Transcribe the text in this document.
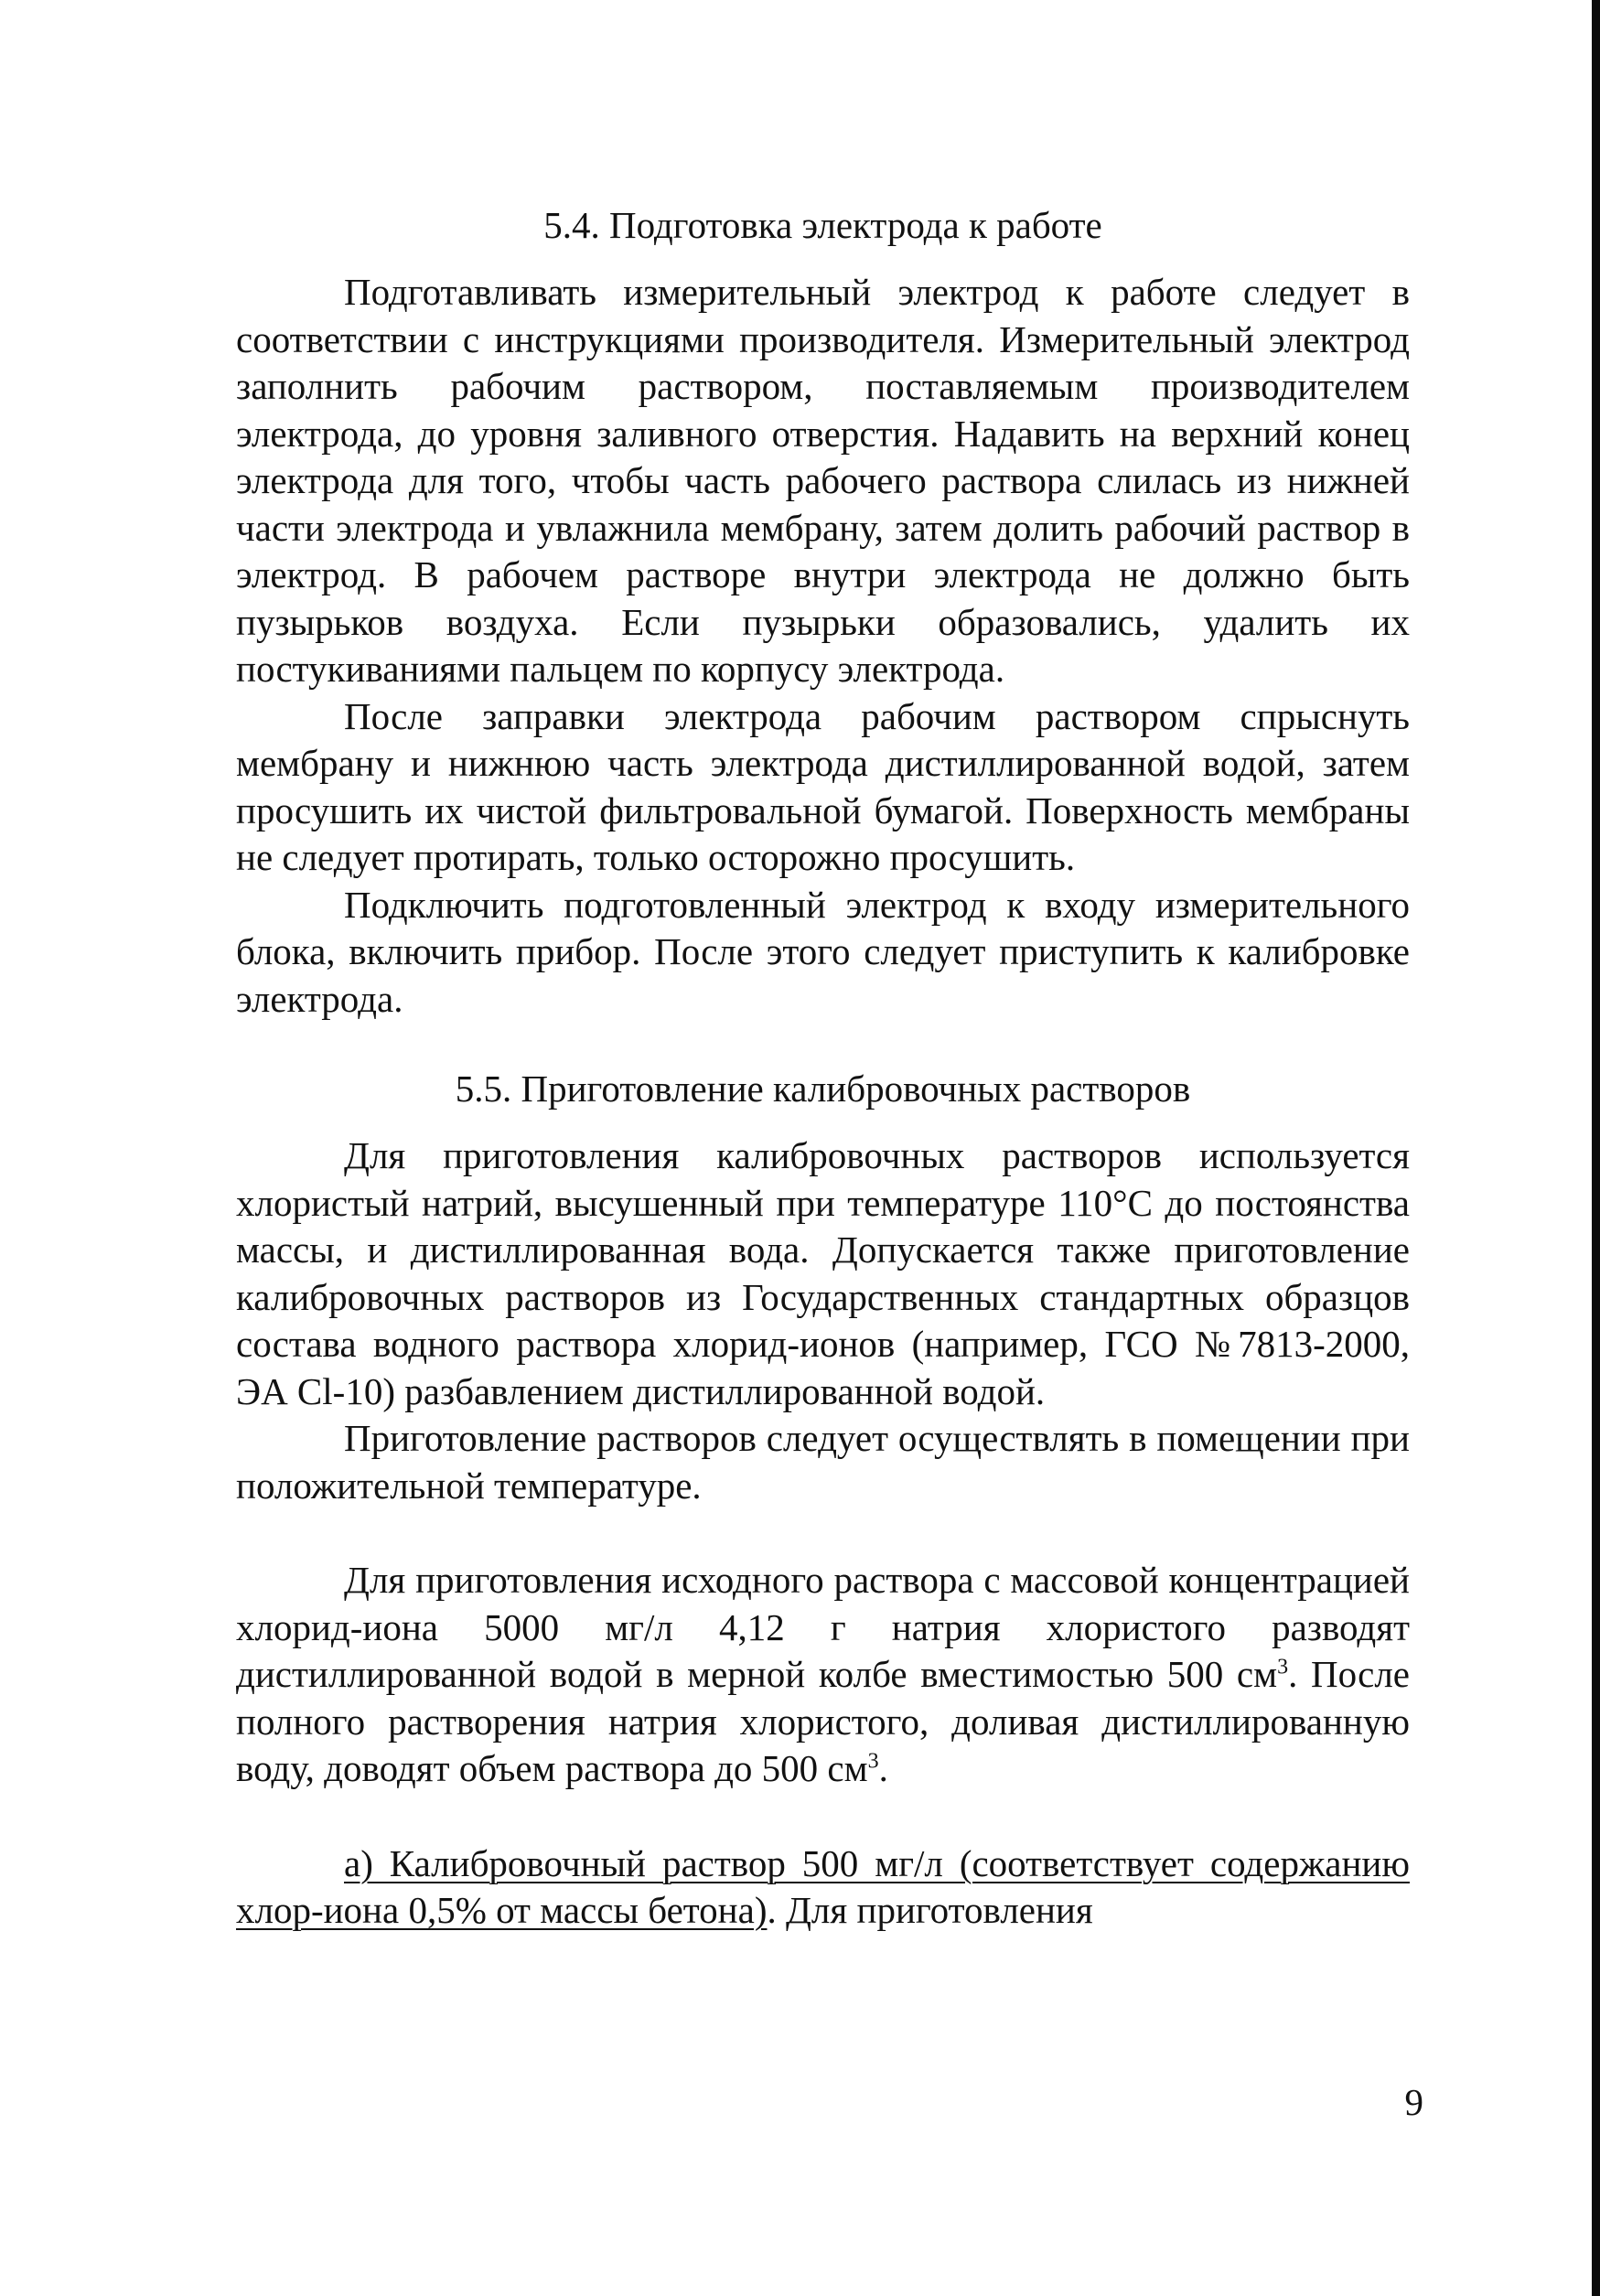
5.4. Подготовка электрода к работе

Подготавливать измерительный электрод к работе следует в соответствии с инструкциями производителя. Измерительный электрод заполнить рабочим раствором, поставляемым производителем электрода, до уровня заливного отверстия. Надавить на верхний конец электрода для того, чтобы часть рабочего раствора слилась из нижней части электрода и увлажнила мембрану, затем долить рабочий раствор в электрод. В рабочем растворе внутри электрода не должно быть пузырьков воздуха. Если пузырьки образовались, удалить их постукиваниями пальцем по корпусу электрода.

После заправки электрода рабочим раствором спрыснуть мембрану и нижнюю часть электрода дистиллированной водой, затем просушить их чистой фильтровальной бумагой. Поверхность мембраны не следует протирать, только осторожно просушить.

Подключить подготовленный электрод к входу измерительного блока, включить прибор. После этого следует приступить к калибровке электрода.

5.5. Приготовление калибровочных растворов

Для приготовления калибровочных растворов используется хлористый натрий, высушенный при температуре 110°С до постоянства массы, и дистиллированная вода. Допускается также приготовление калибровочных растворов из Государственных стандартных образцов состава водного раствора хлорид-ионов (например, ГСО №7813-2000, ЭА Cl-10) разбавлением дистиллированной водой.

Приготовление растворов следует осуществлять в помещении при положительной температуре.

Для приготовления исходного раствора с массовой концентрацией хлорид-иона 5000 мг/л 4,12 г натрия хлористого разводят дистиллированной водой в мерной колбе вместимостью 500 $см^3$. После полного растворения натрия хлористого, доливая дистиллированную воду, доводят объем раствора до 500 $см^3$.

а) Калибровочный раствор 500 мг/л (соответствует содержанию хлор-иона 0,5% от массы бетона). Для приготовления

9
